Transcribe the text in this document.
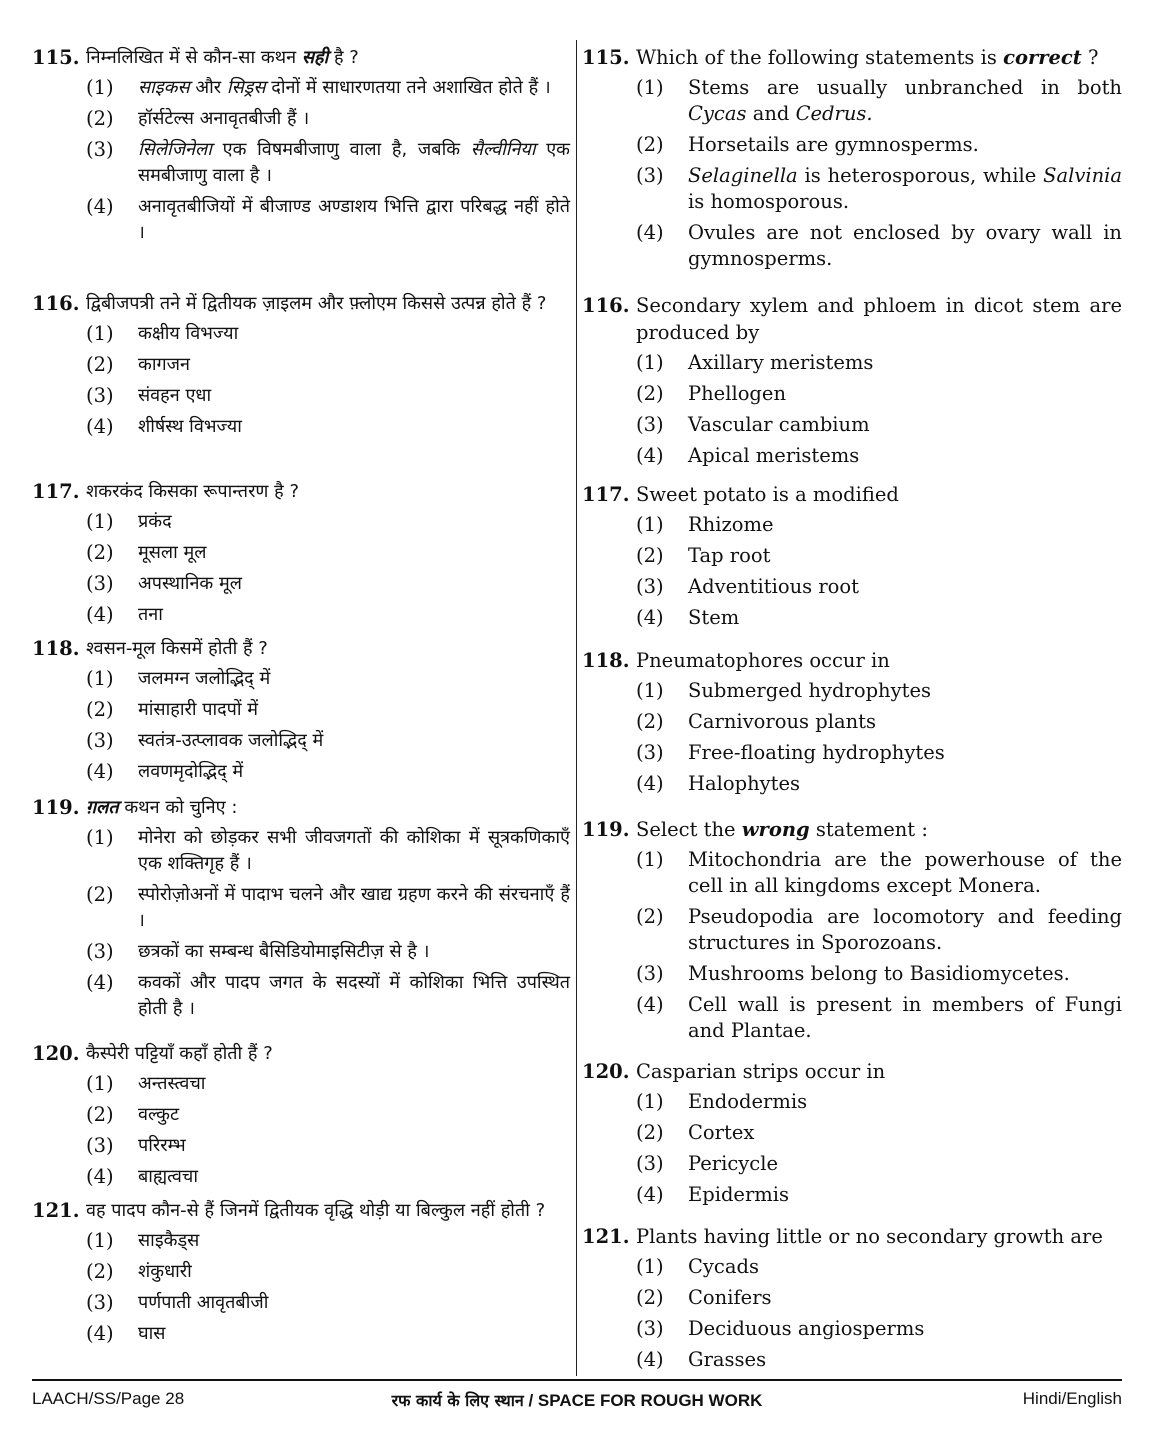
115. निम्नलिखित में से कौन-सा कथन सही है ?
(1)	साइकस और सिड्रस दोनों में साधारणतया तने अशाखित होते हैं ।
(2)	हॉर्सटेल्स अनावृतबीजी हैं ।
(3)	सिलेजिनेला एक विषमबीजाणु वाला है, जबकि सैल्वीनिया एक समबीजाणु वाला है ।
(4)	अनावृतबीजियों में बीजाण्ड अण्डाशय भित्ति द्वारा परिबद्ध नहीं होते ।
116. द्विबीजपत्री तने में द्वितीयक ज़ाइलम और फ़्लोएम किससे उत्पन्न होते हैं ?
(1)	कक्षीय विभज्या
(2)	कागजन
(3)	संवहन एधा
(4)	शीर्षस्थ विभज्या
117. शकरकंद किसका रूपान्तरण है ?
(1)	प्रकंद
(2)	मूसला मूल
(3)	अपस्थानिक मूल
(4)	तना
118. श्वसन-मूल किसमें होती हैं ?
(1)	जलमग्न जलोद्भिद् में
(2)	मांसाहारी पादपों में
(3)	स्वतंत्र-उत्प्लावक जलोद्भिद् में
(4)	लवणमृदोद्भिद् में
119. ग़लत कथन को चुनिए :
(1)	मोनेरा को छोड़कर सभी जीवजगतों की कोशिका में सूत्रकणिकाएँ एक शक्तिगृह हैं ।
(2)	स्पोरोज़ोअनों में पादाभ चलने और खाद्य ग्रहण करने की संरचनाएँ हैं ।
(3)	छत्रकों का सम्बन्ध बैसिडियोमाइसिटीज़ से है ।
(4)	कवकों और पादप जगत के सदस्यों में कोशिका भित्ति उपस्थित होती है ।
120. कैस्पेरी पट्टियाँ कहाँ होती हैं ?
(1)	अन्तस्त्वचा
(2)	वल्कुट
(3)	परिरम्भ
(4)	बाह्यत्वचा
121. वह पादप कौन-से हैं जिनमें द्वितीयक वृद्धि थोड़ी या बिल्कुल नहीं होती ?
(1)	साइकैड्स
(2)	शंकुधारी
(3)	पर्णपाती आवृतबीजी
(4)	घास
115. Which of the following statements is correct ?
(1)	Stems are usually unbranched in both Cycas and Cedrus.
(2)	Horsetails are gymnosperms.
(3)	Selaginella is heterosporous, while Salvinia is homosporous.
(4)	Ovules are not enclosed by ovary wall in gymnosperms.
116. Secondary xylem and phloem in dicot stem are produced by
(1)	Axillary meristems
(2)	Phellogen
(3)	Vascular cambium
(4)	Apical meristems
117. Sweet potato is a modified
(1)	Rhizome
(2)	Tap root
(3)	Adventitious root
(4)	Stem
118. Pneumatophores occur in
(1)	Submerged hydrophytes
(2)	Carnivorous plants
(3)	Free-floating hydrophytes
(4)	Halophytes
119. Select the wrong statement :
(1)	Mitochondria are the powerhouse of the cell in all kingdoms except Monera.
(2)	Pseudopodia are locomotory and feeding structures in Sporozoans.
(3)	Mushrooms belong to Basidiomycetes.
(4)	Cell wall is present in members of Fungi and Plantae.
120. Casparian strips occur in
(1)	Endodermis
(2)	Cortex
(3)	Pericycle
(4)	Epidermis
121. Plants having little or no secondary growth are
(1)	Cycads
(2)	Conifers
(3)	Deciduous angiosperms
(4)	Grasses
LAACH/SS/Page 28	रफ कार्य के लिए स्थान / SPACE FOR ROUGH WORK	Hindi/English
